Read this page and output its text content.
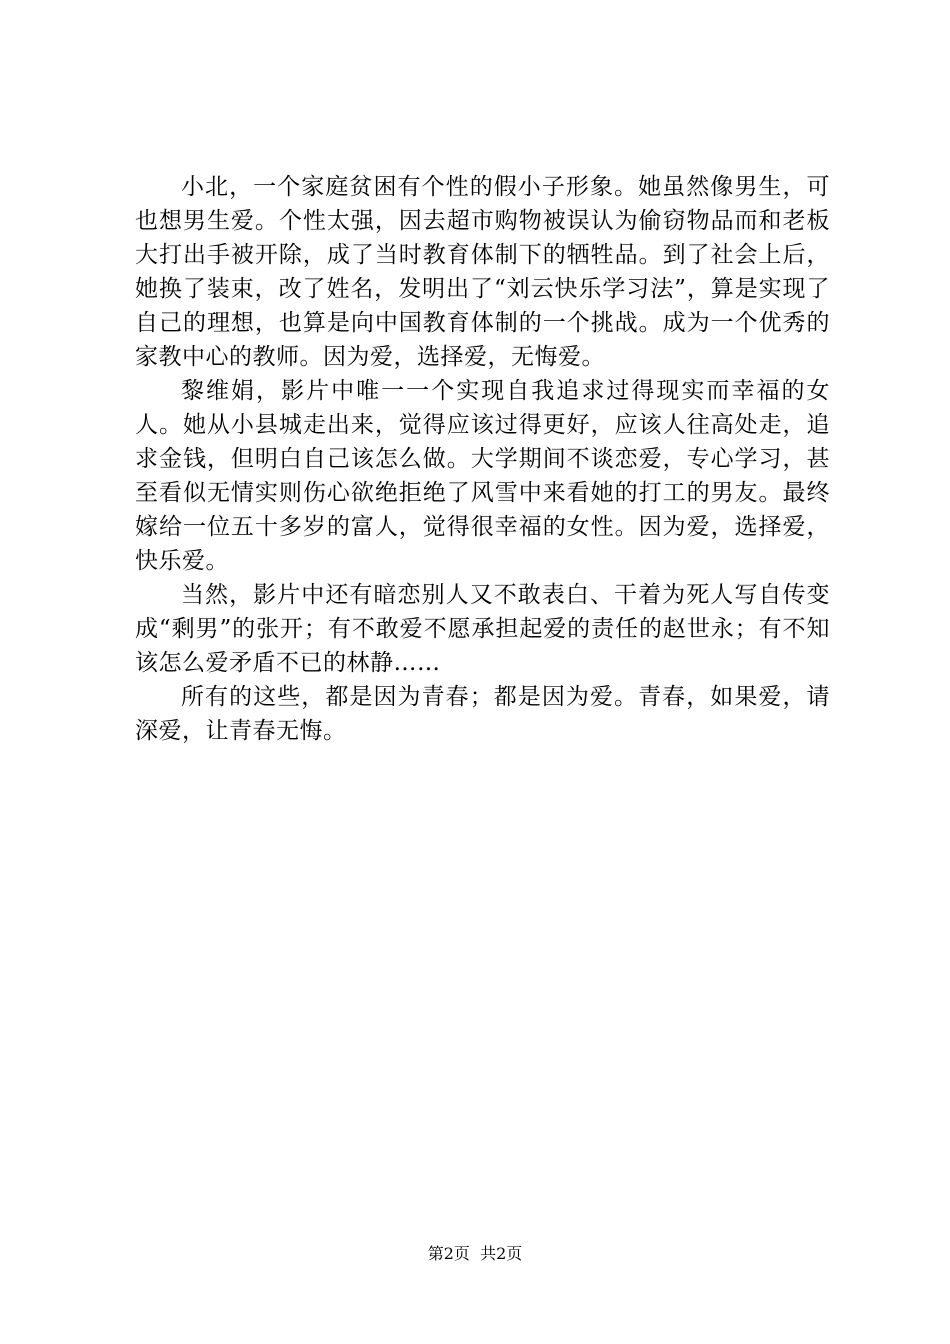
小北，一个家庭贫困有个性的假小子形象。她虽然像男生，可也想男生爱。个性太强，因去超市购物被误认为偷窃物品而和老板大打出手被开除，成了当时教育体制下的牺牲品。到了社会上后，她换了装束，改了姓名，发明出了“刘云快乐学习法”，算是实现了自己的理想，也算是向中国教育体制的一个挑战。成为一个优秀的家教中心的教师。因为爱，选择爱，无悔爱。

黎维娟，影片中唯一一个实现自我追求过得现实而幸福的女人。她从小县城走出来，觉得应该过得更好，应该人往高处走，追求金钱，但明白自己该怎么做。大学期间不谈恋爱，专心学习，甚至看似无情实则伤心欲绝拒绝了风雪中来看她的打工的男友。最终嫁给一位五十多岁的富人，觉得很幸福的女性。因为爱，选择爱，快乐爱。

当然，影片中还有暗恋别人又不敢表白、干着为死人写自传变成“剩男”的张开；有不敢爱不愿承担起爱的责任的赵世永；有不知该怎么爱矛盾不已的林静……

所有的这些，都是因为青春；都是因为爱。青春，如果爱，请深爱，让青春无悔。

第2页 共2页
